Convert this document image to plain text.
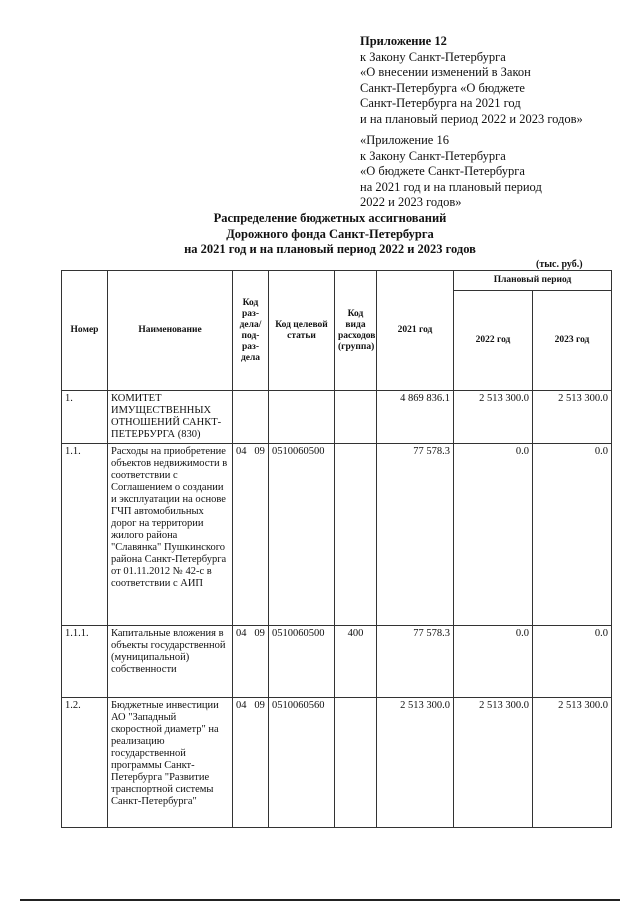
Приложение 12

к Закону Санкт-Петербурга

«О внесении изменений в Закон

Санкт-Петербурга «О бюджете

Санкт-Петербурга на 2021 год

и на плановый период 2022 и 2023 годов»

«Приложение 16

к Закону Санкт-Петербурга

«О бюджете Санкт-Петербурга

на 2021 год и на плановый период

2022 и 2023 годов»

Распределение бюджетных ассигнований
Дорожного фонда Санкт-Петербурга
на 2021 год и на плановый период 2022 и 2023 годов
(тыс. руб.)
Номер	Наименование	Код раз- дела/ под- раз- дела	Код целевой статьи	Код вида расходов (группа)	2021 год	Плановый период	
						2022 год	2023 год
1.	КОМИТЕТ ИМУЩЕСТВЕННЫХ ОТНОШЕНИЙ САНКТ-ПЕТЕРБУРГА (830)				4 869 836.1	2 513 300.0	2 513 300.0
1.1.	Расходы на приобретение объектов недвижимости в соответствии с Соглашением о создании и эксплуатации на основе ГЧП автомобильных дорог на территории жилого района "Славянка" Пушкинского района Санкт-Петербурга от 01.11.2012 № 42-с в соответствии с АИП	04 09	0510060500		77 578.3	0.0	0.0
1.1.1.	Капитальные вложения в объекты государственной (муниципальной) собственности	04 09	0510060500	400	77 578.3	0.0	0.0
1.2.	Бюджетные инвестиции АО "Западный скоростной диаметр" на реализацию государственной программы Санкт-Петербурга "Развитие транспортной системы Санкт-Петербурга"	04 09	0510060560		2 513 300.0	2 513 300.0	2 513 300.0
